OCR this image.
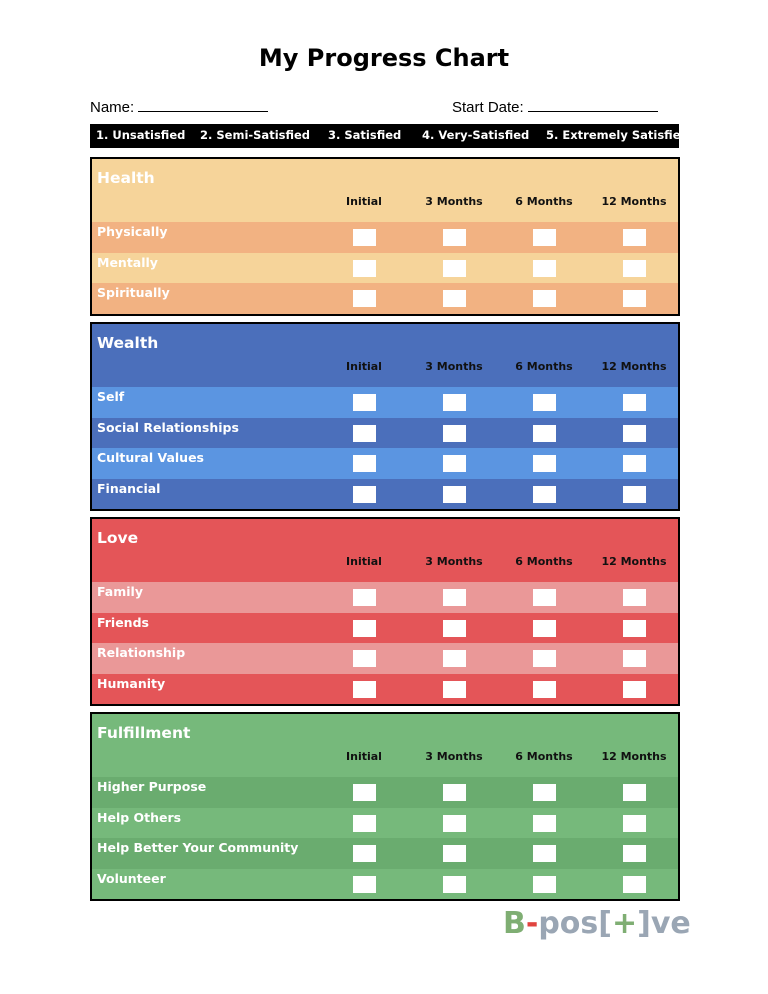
My Progress Chart
Name:	Start Date:
1. Unsatisfied 2. Semi-Satisfied 3. Satisfied 4. Very-Satisfied 5. Extremely Satisfied
Health
Initial	3 Months	6 Months	12 Months
Physically
Mentally
Spiritually
Wealth
Initial	3 Months	6 Months	12 Months
Self
Social Relationships
Cultural Values
Financial
Love
Initial	3 Months	6 Months	12 Months
Family
Friends
Relationship
Humanity
Fulfillment
Initial	3 Months	6 Months	12 Months
Higher Purpose
Help Others
Help Better Your Community
Volunteer
B-pos[+]ve
